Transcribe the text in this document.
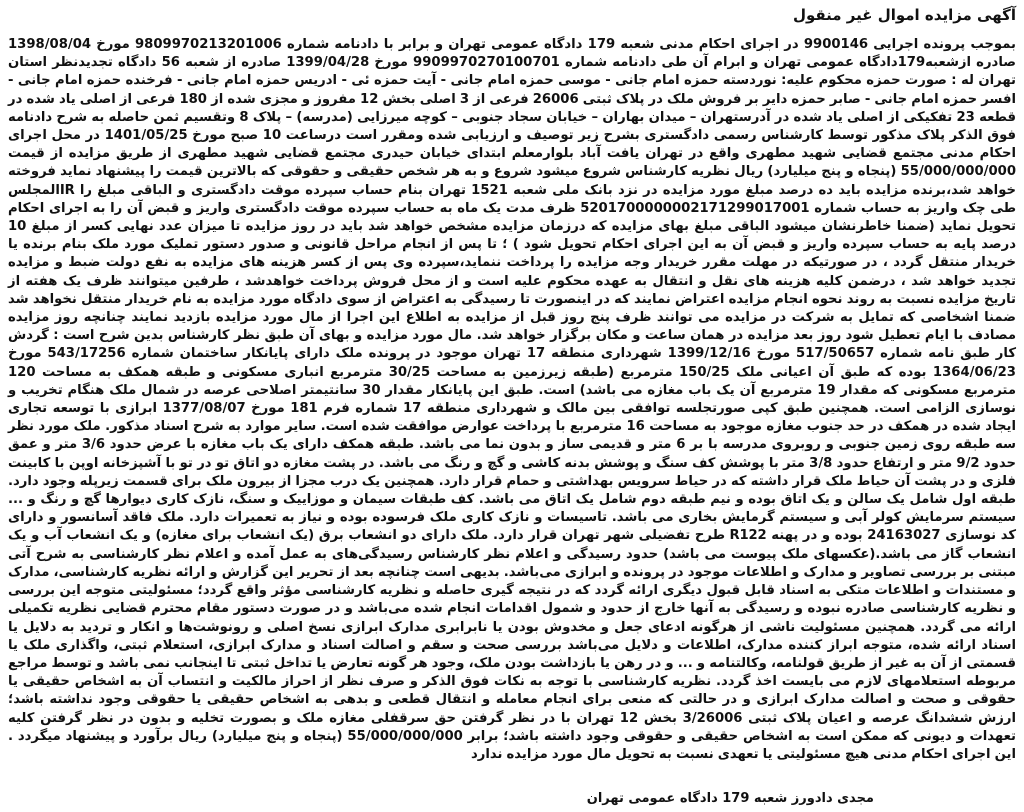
آگهی مزایده اموال غیر منقول
بموجب پرونده اجرایی 9900146 در اجرای احکام مدنی شعبه 179 دادگاه عمومی تهران و برابر با دادنامه شماره 9809970213201006 مورخ 1398/08/04 صادره ازشعبه179دادگاه عمومی تهران و ابرام آن طی دادنامه شماره 9909970270100701 مورخ 1399/04/28 صادره از شعبه 56 دادگاه تجدیدنظر استان تهران له : صورت حمزه محکوم علیه: نوردسته حمزه امام جانی - موسی حمزه امام جانی - آیت حمزه ئی - ادریس حمزه امام جانی - فرخنده حمزه امام جانی - افسر حمزه امام جانی - صابر حمزه دایر بر فروش ملک در پلاک ثبتی 26006 فرعی از 3 اصلی بخش 12 مفروز و مجزی شده از 180 فرعی از اصلی یاد شده در قطعه 23 تفکیکی از اصلی یاد شده در آدرستهران – میدان بهاران – خیابان سجاد جنوبی – کوچه میرزایی (مدرسه) – پلاک 8 وتقسیم ثمن حاصله به شرح دادنامه فوق الذکر پلاک مذکور توسط کارشناس رسمی دادگستری بشرح زیر توصیف و ارزیابی شده ومقرر است درساعت 10 صبح مورخ 1401/05/25 در محل اجرای احکام مدنی مجتمع قضایی شهید مطهری واقع در تهران یافت آباد بلوارمعلم ابتدای خیابان حیدری مجتمع قضایی شهید مطهری از طریق مزایده از قیمت 55/000/000/000 (پنجاه و پنج میلیارد) ریال نظریه کارشناس شروع میشود شروع و به هر شخص حقیقی و حقوقی که بالاترین قیمت را پیشنهاد نماید فروخته خواهد شد،برنده مزایده باید ده درصد مبلغ مورد مزایده در نزد بانک ملی شعبه 1521 تهران بنام حساب سپرده موقت دادگستری و الباقی مبلغ را IRالمجلس طی چک واریز به حساب شماره 5201700000002171299017001 ظرف مدت یک ماه به حساب سپرده موقت دادگستری واریز و قبض آن را به اجرای احکام تحویل نماید (ضمنا خاطرنشان میشود الباقی مبلغ بهای مزایده که درزمان مزایده مشخص خواهد شد باید در روز مزایده تا میزان عدد نهایی کسر از مبلغ 10 درصد پایه به حساب سپرده واریز و قبض آن به این اجرای احکام تحویل شود ) ؛ تا پس از انجام مراحل قانونی و صدور دستور تملیک مورد ملک بنام برنده یا خریدار منتقل گردد ، در صورتیکه در مهلت مقرر خریدار وجه مزایده را پرداخت ننماید،سپرده وی پس از کسر هزینه های مزایده به نفع دولت ضبط و مزایده تجدید خواهد شد ، درضمن کلیه هزینه های نقل و انتقال به عهده محکوم علیه است و از محل فروش پرداخت خواهدشد ، طرفین میتوانند ظرف یک هفته از تاریخ مزایده نسبت به روند نحوه انجام مزایده اعتراض نمایند که در اینصورت تا رسیدگی به اعتراض از سوی دادگاه مورد مزایده به نام خریدار منتقل نخواهد شد ضمنا اشخاصی که تمایل به شرکت در مزایده می توانند ظرف پنج روز قبل از مزایده به اطلاع این اجرا از مال مورد مزایده بازدید نمایند چنانچه روز مزایده مصادف با ایام تعطیل شود روز بعد مزایده در همان ساعت و مکان برگزار خواهد شد. مال مورد مزایده و بهای آن طبق نظر کارشناس بدین شرح است : گردش کار طبق نامه شماره 517/50657 مورخ 1399/12/16 شهرداری منطقه 17 تهران موجود در پرونده ملک دارای پایانکار ساختمان شماره 543/17256 مورخ 1364/06/23 بوده که طبق آن اعیانی ملک 150/25 مترمربع (طبقه زیرزمین به مساحت 30/25 مترمربع انباری مسکونی و طبقه همکف به مساحت 120 مترمربع مسکونی که مقدار 19 مترمربع آن یک باب مغازه می باشد) است. طبق این پایانکار مقدار 30 سانتیمتر اصلاحی عرصه در شمال ملک هنگام تخریب و نوسازی الزامی است. همچنین طبق کپی صورتجلسه توافقی بین مالک و شهرداری منطقه 17 شماره فرم 181 مورخ 1377/08/07 ابرازی با توسعه تجاری ایجاد شده در همکف در حد جنوب مغازه موجود به مساحت 16 مترمربع با پرداخت عوارض موافقت شده است. سایر موارد به شرح اسناد مذکور. ملک مورد نظر سه طبقه روی زمین جنوبی و روبروی مدرسه با بر 6 متر و قدیمی ساز و بدون نما می باشد. طبقه همکف دارای یک باب مغازه با عرض حدود 3/6 متر و عمق حدود 9/2 متر و ارتفاع حدود 3/8 متر با پوشش کف سنگ و پوشش بدنه کاشی و گچ و رنگ می باشد. در پشت مغازه دو اتاق تو در تو با آشپزخانه اوپن با کابینت فلزی و در پشت آن حیاط ملک قرار داشته که در حیاط سرویس بهداشتی و حمام قرار دارد. همچنین یک درب مجزا از بیرون ملک برای قسمت زیرپله وجود دارد. طبقه اول شامل یک سالن و یک اتاق بوده و نیم طبقه دوم شامل یک اتاق می باشد. کف طبقات سیمان و موزاییک و سنگ، نازک کاری دیوارها گچ و رنگ و ... سیستم سرمایش کولر آبی و سیستم گرمایش بخاری می باشد. تاسیسات و نازک کاری ملک فرسوده بوده و نیاز به تعمیرات دارد. ملک فاقد آسانسور و دارای کد نوسازی 24163027 بوده و در پهنه R122 طرح تفضیلی شهر تهران قرار دارد. ملک دارای دو انشعاب برق (یک انشعاب برای مغازه) و یک انشعاب آب و یک انشعاب گاز می باشد.(عکسهای ملک پیوست می باشد) حدود رسیدگی و اعلام نظر کارشناس رسیدگی‌های به عمل آمده و اعلام نظر کارشناسی به شرح آتی مبتنی بر بررسی تصاویر و مدارک و اطلاعات موجود در پرونده و ابرازی می‌باشد. بدیهی است چنانچه بعد از تحریر این گزارش و ارائه نظریه کارشناسی، مدارک و مستندات و اطلاعات متکی به اسناد قابل قبول دیگری ارائه گردد که در نتیجه گیری حاصله و نظریه کارشناسی مؤثر واقع گردد؛ مسئولیتی متوجه این بررسی و نظریه کارشناسی صادره نبوده و رسیدگی به آنها خارج از حدود و شمول اقدامات انجام شده می‌باشد و در صورت دستور مقام محترم قضایی نظریه تکمیلی ارائه می گردد. همچنین مسئولیت ناشی از هرگونه ادعای جعل و مخدوش بودن یا نابرابری مدارک ابرازی نسخ اصلی و رونوشت‌ها و انکار و تردید به دلایل یا اسناد ارائه شده، متوجه ابراز کننده مدارک، اطلاعات و دلایل می‌باشد بررسی صحت و سقم و اصالت اسناد و مدارک ابرازی، استعلام ثبتی، واگذاری ملک یا قسمتی از آن به غیر از طریق قولنامه، وکالتنامه و ... و در رهن یا بازداشت بودن ملک، وجود هر گونه تعارض یا تداخل ثبتی تا اینجانب نمی باشد و توسط مراجع مربوطه استعلامهای لازم می بایست اخذ گردد. نظریه کارشناسی با توجه به نکات فوق الذکر و صرف نظر از احراز مالکیت و انتساب آن به اشخاص حقیقی یا حقوقی و صحت و اصالت مدارک ابرازی و در حالتی که منعی برای انجام معامله و انتقال قطعی و بدهی به اشخاص حقیقی یا حقوقی وجود نداشته باشد؛ ارزش ششدانگ عرصه و اعیان پلاک ثبتی 3/26006 بخش 12 تهران با در نظر گرفتن حق سرقفلی مغازه ملک و بصورت تخلیه و بدون در نظر گرفتن کلیه تعهدات و دیونی که ممکن است به اشخاص حقیقی و حقوقی وجود داشته باشد؛ برابر 55/000/000/000 (پنجاه و پنج میلیارد) ریال برآورد و پیشنهاد میگردد . این اجرای احکام مدنی هیچ مسئولیتی یا تعهدی نسبت به تحویل مال مورد مزایده ندارد
مجدی دادورز شعبه 179 دادگاه عمومی تهران
